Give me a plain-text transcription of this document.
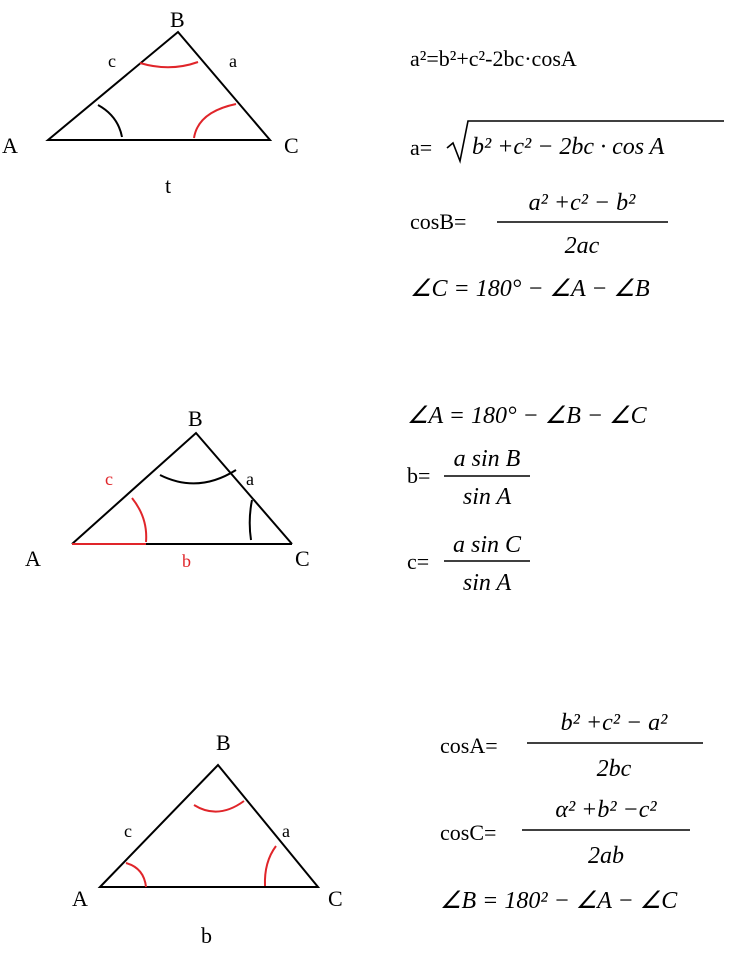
B
A	C
c	a
t
a²=b²+c²-2bc·cosA
a= b² +c² − 2bc · cos A
cosB=
a² +c² − b²
2ac
∠C = 180° − ∠A − ∠B
B
A	C
c	a
b
∠A = 180° − ∠B − ∠C
b=
a sin B
sin A
c=
a sin C
sin A
B
A	C
c	a
b
cosA=
b² +c² − a²
2bc
cosC=
α² +b² −c²
2ab
∠B = 180² − ∠A − ∠C
